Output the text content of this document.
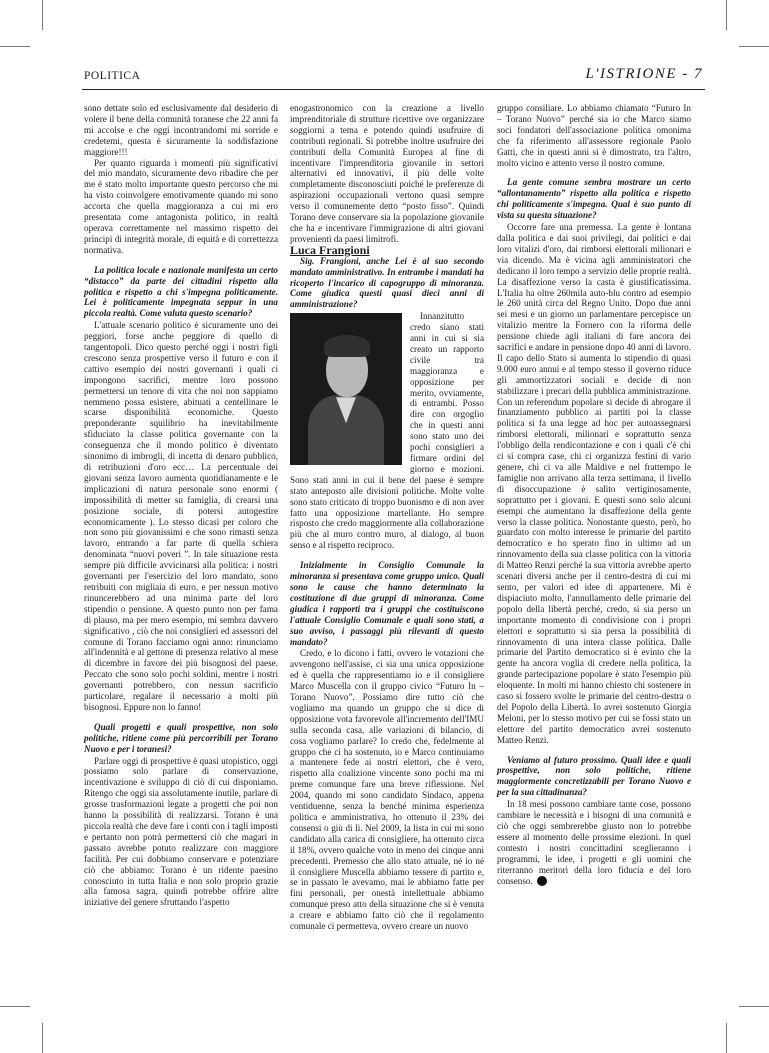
POLITICA	L'ISTRIONE - 7

sono dettate solo ed esclusivamente dal desiderio di volere il bene della comunità toranese che 22 anni fa mi accolse e che oggi incontrandomi mi sorride e credetemi, questa è sicuramente la soddisfazione maggiore!!!

Per quanto riguarda i momenti più significativi del mio mandato, sicuramente devo ribadire che per me è stato molto importante questo percorso che mi ha visto coinvolgere emotivamente quando mi sono accorta che quella maggioranza a cui mi ero presentata come antagonista politico, in realtà operava correttamente nel massimo rispetto dei principi di integrità morale, di equità e di correttezza normativa.

La politica locale e nazionale manifesta un certo “distacco” da parte dei cittadini rispetto alla politica e rispetto a chi s'impegna politicamente. Lei è politicamente impegnata seppur in una piccola realtà. Come valuta questo scenario?

L'attuale scenario politico è sicuramente uno dei peggiori, forse anche peggiore di quello di tangentopoli. Dico questo perché oggi i nostri figli crescono senza prospettive verso il futuro e con il cattivo esempio dei nostri governanti i quali ci impongono sacrifici, mentre loro possono permettersi un tenore di vita che noi non sappiamo nemmeno possa esistere, abituati a centellinare le scarse disponibilità economiche. Questo preponderante squilibrio ha inevitabilmente sfiduciato la classe politica governante con la conseguenza che il mondo politico è diventato sinonimo di imbrogli, di incetta di denaro pubblico, di retribuzioni d'oro ecc… La percentuale dei giovani senza lavoro aumenta quotidianamente e le implicazioni di natura personale sono enormi ( impossibilità di metter su famiglia, di crearsi una posizione sociale, di potersi autogestire economicamente ). Lo stesso dicasi per coloro che non sono più giovanissimi e che sono rimasti senza lavoro, entrando a far parte di quella schiera denominata “nuovi poveri ”. In tale situazione resta sempre più difficile avvicinarsi alla politica: i nostri governanti per l'esercizio del loro mandato, sono retribuiti con migliaia di euro, e per nessun motivo rinuncerebbero ad una minima parte del loro stipendio o pensione. A questo punto non per fama di plauso, ma per mero esempio, mi sembra davvero significativo , ciò che noi consiglieri ed assessori del comune di Torano facciamo ogni anno: rinunciamo all'indennità e al gettone di presenza relativo al mese di dicembre in favore dei più bisognosi del paese. Peccato che sono solo pochi soldini, mentre i nostri governanti potrebbero, con nessun sacrificio particolare, regalare il necessario a molti più bisognosi. Eppure non lo fanno!

Quali progetti e quali prospettive, non solo politiche, ritiene come più percorribili per Torano Nuovo e per i toranesi?

Parlare oggi di prospettive è quasi utopistico, oggi possiamo solo parlare di conservazione, incentivazione e sviluppo di ciò di cui disponiamo. Ritengo che oggi sia assolutamente inutile, parlare di grosse trasformazioni legate a progetti che poi non hanno la possibilità di realizzarsi. Torano è una piccola realtà che deve fare i conti con i tagli imposti e pertanto non potrà permettersi ciò che magari in passato avrebbe potuto realizzare con maggiore facilità. Per cui dobbiamo conservare e potenziare ciò che abbiamo: Torano è un ridente paesino conosciuto in tutta Italia e non solo proprio grazie alla famosa sagra, quindi potrebbe offrire altre iniziative del genere sfruttando l'aspetto

enogastronomico con la creazione a livello imprenditoriale di strutture ricettive ove organizzare soggiorni a tema e potendo quindi usufruire di contributi regionali. Si potrebbe inoltre usufruire dei contributi della Comunità Europea al fine di incentivare l'imprenditoria giovanile in settori alternativi ed innovativi, il più delle volte completamente disconosciuti poiché le preferenze di aspirazioni occupazionali vertono quasi sempre verso il comunemente detto “posto fisso”. Quindi Torano deve conservare sia la popolazione giovanile che ha e incentivare l'immigrazione di altri giovani provenienti da paesi limitrofi.

Luca Frangioni

Sig. Frangioni, anche Lei è al suo secondo mandato amministrativo. In entrambe i mandati ha ricoperto l'incarico di capogruppo di minoranza. Come giudica questi quasi dieci anni di amministrazione?

Innanzitutto credo siano stati anni in cui si sia creato un rapporto civile tra maggioranza e opposizione per merito, ovviamente, di entrambi. Posso dire con orgoglio che in questi anni sono stato uno dei pochi consiglieri a firmare ordini del giorno e mozioni. Sono stati anni in cui il bene del paese è sempre stato anteposto alle divisioni politiche. Molte volte sono stato criticato di troppo buonismo e di non aver fatto una opposizione martellante. Ho sempre risposto che credo maggiormente alla collaborazione più che al muro contro muro, al dialogo, al buon senso e al rispetto reciproco.

Inizialmente in Consiglio Comunale la minoranza si presentava come gruppo unico. Quali sono le cause che hanno determinato la costituzione di due gruppi di minoranza. Come giudica i rapporti tra i gruppi che costituiscono l'attuale Consiglio Comunale e quali sono stati, a suo avviso, i passaggi più rilevanti di questo mandato?

Credo, e lo dicono i fatti, ovvero le votazioni che avvengono nell'assise, ci sia una unica opposizione ed è quella che rappresentiamo io e il consigliere Marco Muscella con il gruppo civico “Futuro In – Torano Nuovo”. Possiamo dire tutto ciò che vogliamo ma quando un gruppo che si dice di opposizione vota favorevole all'incremento dell'IMU sulla seconda casa, alle variazioni di bilancio, di cosa vogliamo parlare? Io credo che, fedelmente al gruppo che ci ha sostenuto, io e Marco continuiamo a mantenere fede ai nostri elettori, che è vero, rispetto alla coalizione vincente sono pochi ma mi preme comunque fare una breve riflessione. Nel 2004, quando mi sono candidato Sindaco, appena ventiduenne, senza la benché minima esperienza politica e amministrativa, ho ottenuto il 23% dei consensi o giù di lì. Nel 2009, la lista in cui mi sono candidato alla carica di consigliere, ha ottenuto circa il 18%, ovvero qualche voto in meno dei cinque anni precedenti. Premesso che allo stato attuale, né io né il consigliere Muscella abbiamo tessere di partito e, se in passato le avevamo, mai le abbiamo fatte per fini personali, per onestà intellettuale abbiamo comunque preso atto della situazione che si è venuta a creare e abbiamo fatto ciò che il regolamento comunale ci permetteva, ovvero creare un nuovo

gruppo consiliare. Lo abbiamo chiamato “Futuro In – Torano Nuovo” perché sia io che Marco siamo soci fondatori dell'associazione politica omonima che fa riferimento all'assessore regionale Paolo Gatti, che in questi anni si è dimostrato, tra l'altro, molto vicino e attento verso il nostro comune.

La gente comune sembra mostrare un certo “allontanamento” rispetto alla politica e rispetto chi politicamente s'impegna. Qual è suo punto di vista su questa situazione?

Occorre fare una premessa. La gente è lontana dalla politica e dai suoi privilegi, dai politici e dai loro vitalizi d'oro, dai rimborsi elettorali milionari e via dicendo. Ma è vicina agli amministratori che dedicano il loro tempo a servizio delle proprie realtà. La disaffezione verso la casta è giustificatissima. L'Italia ha oltre 260mila auto-blu contro ad esempio le 260 unità circa del Regno Unito. Dopo due anni sei mesi e un giorno un parlamentare percepisce un vitalizio mentre la Fornero con la riforma delle pensione chiede agli italiani di fare ancora dei sacrifici e andare in pensione dopo 40 anni di lavoro. Il capo dello Stato si aumenta lo stipendio di quasi 9.000 euro annui e al tempo stesso il governo riduce gli ammortizzatori sociali e decide di non stabilizzare i precari della pubblica amministrazione. Con un referendum popolare si decide di abrogare il finanziamento pubblico ai partiti poi la classe politica si fa una legge ad hoc per autoassegnarsi rimborsi elettorali, milionari e soprattutto senza l'obbligo della rendicontazione e con i quali c'è chi ci si compra case, chi ci organizza festini di vario genere, chi ci va alle Maldive e nel frattempo le famiglie non arrivano alla terza settimana, il livello di disoccupazione è salito vertiginosamente, soprattutto per i giovani. E questi sono solo alcuni esempi che aumentano la disaffezione della gente verso la classe politica. Nonostante questo, però, ho guardato con molto interesse le primarie del partito democratico e ho sperato fino in ultimo ad un rinnovamento della sua classe politica con la vittoria di Matteo Renzi perché la sua vittoria avrebbe aperto scenari diversi anche per il centro-destra di cui mi sento, per valori ed idee di appartenere. Mi è dispiaciuto molto, l'annullamento delle primarie del popolo della libertà perché, credo, si sia perso un importante momento di condivisione con i propri elettori e soprattutto si sia persa la possibilità di rinnovamento di una intera classe politica. Dalle primarie del Partito democratico si è evinto che la gente ha ancora voglia di credere nella politica, la grande partecipazione popolare è stato l'esempio più eloquente. In molti mi hanno chiesto chi sostenere in caso si fossero svolte le primarie del centro-destra o del Popolo della Libertà. Io avrei sostenuto Giorgia Meloni, per lo stesso motivo per cui se fossi stato un elettore del partito democratico avrei sostenuto Matteo Renzi.

Veniamo al futuro prossimo. Quali idee e quali prospettive, non solo politiche, ritiene maggiormente concretizzabili per Torano Nuovo e per la sua cittadinanza?

In 18 mesi possono cambiare tante cose, possono cambiare le necessità e i bisogni di una comunità e ciò che oggi sembrerebbe giusto non lo potrebbe essere al momento delle prossime elezioni. In quel contesto i nostri concittadini sceglieranno i programmi, le idee, i progetti e gli uomini che riterranno meritori della loro fiducia e del loro consenso. L
